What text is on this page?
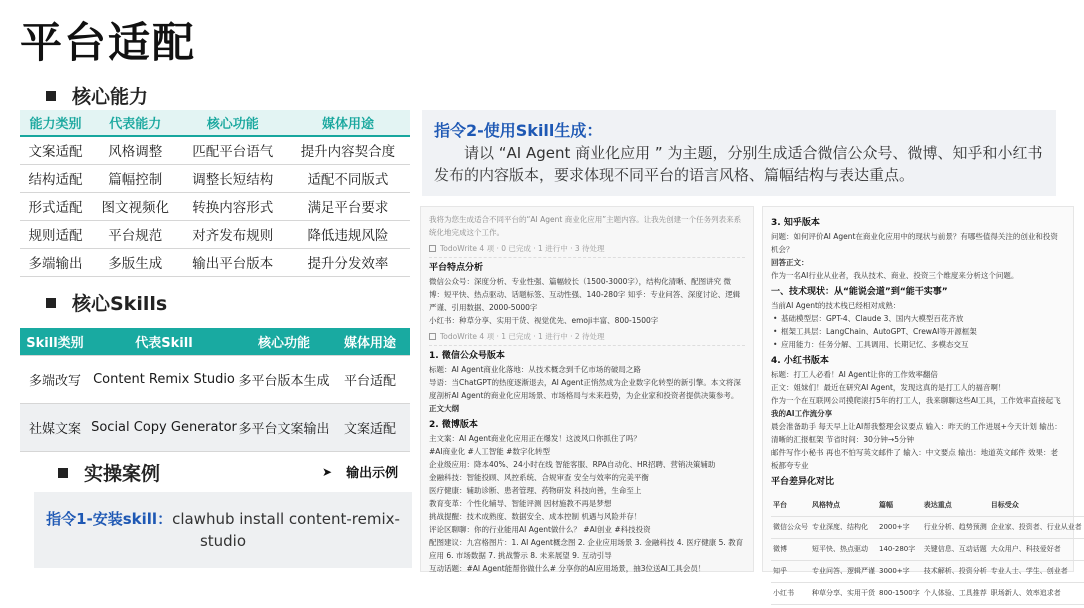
平台适配
核心能力
能力类别	代表能力	核心功能	媒体用途
文案适配	风格调整	匹配平台语气	提升内容契合度
结构适配	篇幅控制	调整长短结构	适配不同版式
形式适配	图文视频化	转换内容形式	满足平台要求
规则适配	平台规范	对齐发布规则	降低违规风险
多端输出	多版生成	输出平台版本	提升分发效率
核心Skills
Skill类别	代表Skill	核心功能	媒体用途
多端改写	Content Remix Studio	多平台版本生成	平台适配
社媒文案	Social Copy Generator	多平台文案输出	文案适配
实操案例	➤ 输出示例
指令1-安装skill：clawhub install content-remix-studio
指令2-使用Skill生成：
请以 “AI Agent 商业化应用 ” 为主题，分别生成适合微信公众号、微博、知乎和小红书发布的内容版本，要求体现不同平台的语言风格、篇幅结构与表达重点。
我将为您生成适合不同平台的“AI Agent 商业化应用”主题内容。让我先创建一个任务列表来系统化地完成这个工作。
TodoWrite 4 项 · 0 已完成 · 1 进行中 · 3 待处理
平台特点分析
微信公众号：深度分析、专业性强、篇幅较长（1500-3000字），结构化清晰、配图讲究 微博：短平快、热点驱动、话题标签、互动性强、140-280字 知乎：专业问答、深度讨论、逻辑严谨、引用数据、2000-5000字
小红书：种草分享、实用干货、视觉优先、emoji丰富、800-1500字
TodoWrite 4 项 · 1 已完成 · 1 进行中 · 2 待处理
1. 微信公众号版本
标题：AI Agent商业化落地：从技术概念到千亿市场的破局之路
导语：当ChatGPT的热度逐渐退去，AI Agent正悄然成为企业数字化转型的新引擎。本文将深度剖析AI Agent的商业化应用场景、市场格局与未来趋势，为企业家和投资者提供决策参考。
正文大纲
2. 微博版本
主文案：AI Agent商业化应用正在爆发！这波风口你抓住了吗？
#AI商业化 #人工智能 #数字化转型
企业级应用：降本40%、24小时在线 智能客服、RPA自动化、HR招聘、营销决策辅助
金融科技：智能投顾、风控系统、合规审查 安全与效率的完美平衡
医疗健康：辅助诊断、患者管理、药物研发 科技向善，生命至上
教育变革：个性化辅导、智能评测 因材施教不再是梦想
挑战提醒：技术成熟度、数据安全、成本控制 机遇与风险并存！
评论区聊聊：你的行业能用AI Agent做什么？ #AI创业 #科技投资
配图建议：九宫格图片：1. AI Agent概念图 2. 企业应用场景 3. 金融科技 4. 医疗健康 5. 教育应用 6. 市场数据 7. 挑战警示 8. 未来展望 9. 互动引导
互动话题：#AI Agent能帮你做什么# 分享你的AI应用场景，抽3位送AI工具会员！
3. 知乎版本
问题：如何评价AI Agent在商业化应用中的现状与前景？有哪些值得关注的创业和投资机会？
回答正文：
作为一名AI行业从业者，我从技术、商业、投资三个维度来分析这个问题。
一、技术现状：从“能说会道”到“能干实事”
当前AI Agent的技术栈已经相对成熟：
• 基础模型层：GPT-4、Claude 3、国内大模型百花齐放
• 框架工具层：LangChain、AutoGPT、CrewAI等开源框架
• 应用能力：任务分解、工具调用、长期记忆、多模态交互
4. 小红书版本
标题：打工人必看！AI Agent让你的工作效率翻倍
正文：姐妹们！最近在研究AI Agent，发现这真的是打工人的福音啊！
作为一个在互联网公司摸爬滚打5年的打工人，我来聊聊这些AI工具，工作效率直接起飞
我的AI工作流分享
晨会准备助手 每天早上让AI帮我整理会议要点 输入：昨天的工作进展+今天计划 输出：清晰的汇报框架 节省时间：30分钟→5分钟
邮件写作小秘书 再也不怕写英文邮件了 输入：中文要点 输出：地道英文邮件 效果：老板都夸专业
平台差异化对比
平台	风格特点	篇幅	表达重点	目标受众
微信公众号	专业深度、结构化	2000+字	行业分析、趋势预测	企业家、投资者、行业从业者
微博	短平快、热点驱动	140-280字	关键信息、互动话题	大众用户、科技爱好者
知乎	专业问答、逻辑严谨	3000+字	技术解析、投资分析	专业人士、学生、创业者
小红书	种草分享、实用干货	800-1500字	个人体验、工具推荐	职场新人、效率追求者
